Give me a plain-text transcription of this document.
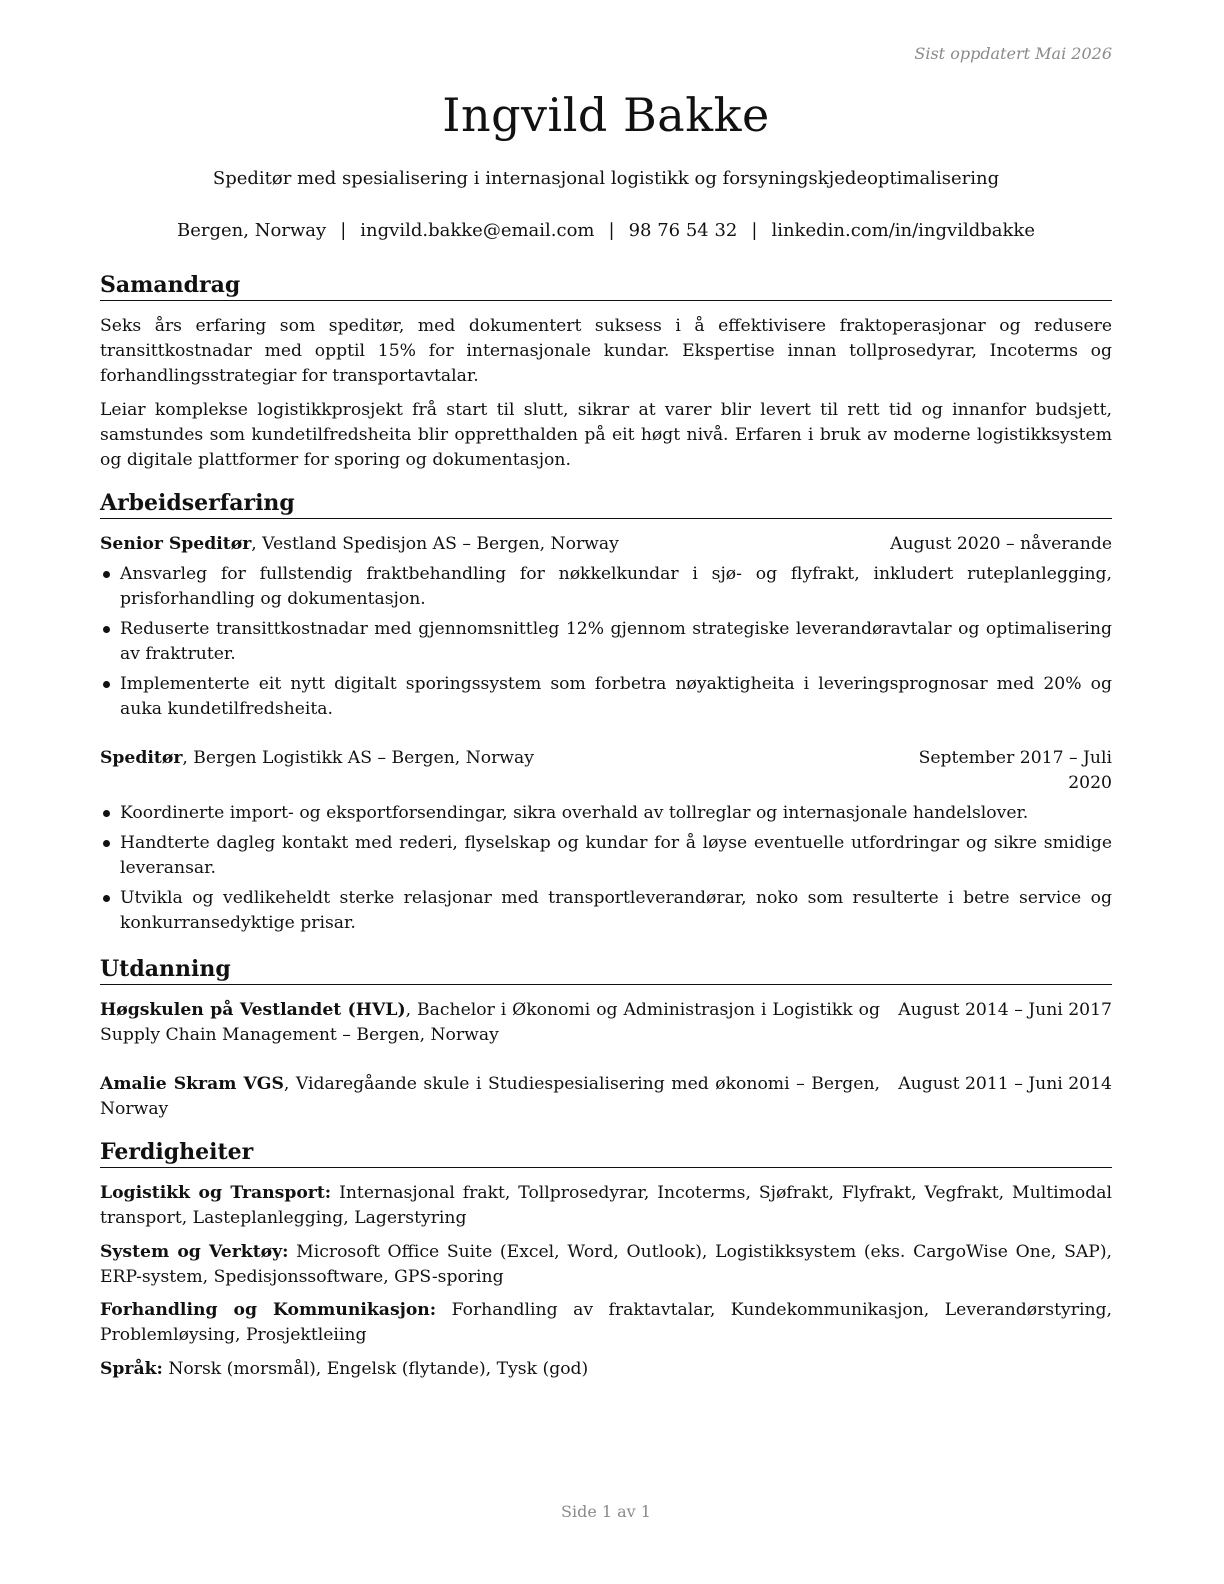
Sist oppdatert Mai 2026
Ingvild Bakke
Speditør med spesialisering i internasjonal logistikk og forsyningskjedeoptimalisering
Bergen, Norway | ingvild.bakke@email.com | 98 76 54 32 | linkedin.com/in/ingvildbakke
Samandrag

Seks års erfaring som speditør, med dokumentert suksess i å effektivisere fraktoperasjonar og redusere transittkostnadar med opptil 15% for internasjonale kundar. Ekspertise innan tollprosedyrar, Incoterms og forhandlingsstrategiar for transportavtalar.

Leiar komplekse logistikkprosjekt frå start til slutt, sikrar at varer blir levert til rett tid og innanfor budsjett, samstundes som kundetilfredsheita blir oppretthalden på eit høgt nivå. Erfaren i bruk av moderne logistikksystem og digitale plattformer for sporing og dokumentasjon.

Arbeidserfaring
Senior Speditør, Vestland Spedisjon AS – Bergen, Norway	August 2020 – nåverande
Ansvarleg for fullstendig fraktbehandling for nøkkelkundar i sjø- og flyfrakt, inkludert ruteplanlegging, prisforhandling og dokumentasjon.
Reduserte transittkostnadar med gjennomsnittleg 12% gjennom strategiske leverandøravtalar og optimalisering av fraktruter.
Implementerte eit nytt digitalt sporingssystem som forbetra nøyaktigheita i leveringsprognosar med 20% og auka kundetilfredsheita.
Speditør, Bergen Logistikk AS – Bergen, Norway	September 2017 – Juli
2020
Koordinerte import- og eksportforsendingar, sikra overhald av tollreglar og internasjonale handelslover.
Handterte dagleg kontakt med rederi, flyselskap og kundar for å løyse eventuelle utfordringar og sikre smidige leveransar.
Utvikla og vedlikeheldt sterke relasjonar med transportleverandørar, noko som resulterte i betre service og konkurransedyktige prisar.
Utdanning
Høgskulen på Vestlandet (HVL), Bachelor i Økonomi og Administrasjon i Logistikk og Supply Chain Management – Bergen, Norway
August 2014 – Juni 2017
Amalie Skram VGS, Vidaregåande skule i Studiespesialisering med økonomi – Bergen, Norway
August 2011 – Juni 2014
Ferdigheiter

Logistikk og Transport: Internasjonal frakt, Tollprosedyrar, Incoterms, Sjøfrakt, Flyfrakt, Vegfrakt, Multimodal transport, Lasteplanlegging, Lagerstyring

System og Verktøy: Microsoft Office Suite (Excel, Word, Outlook), Logistikksystem (eks. CargoWise One, SAP), ERP-system, Spedisjonssoftware, GPS-sporing

Forhandling og Kommunikasjon: Forhandling av fraktavtalar, Kundekommunikasjon, Leverandørstyring, Problemløysing, Prosjektleiing

Språk: Norsk (morsmål), Engelsk (flytande), Tysk (god)

Side 1 av 1
